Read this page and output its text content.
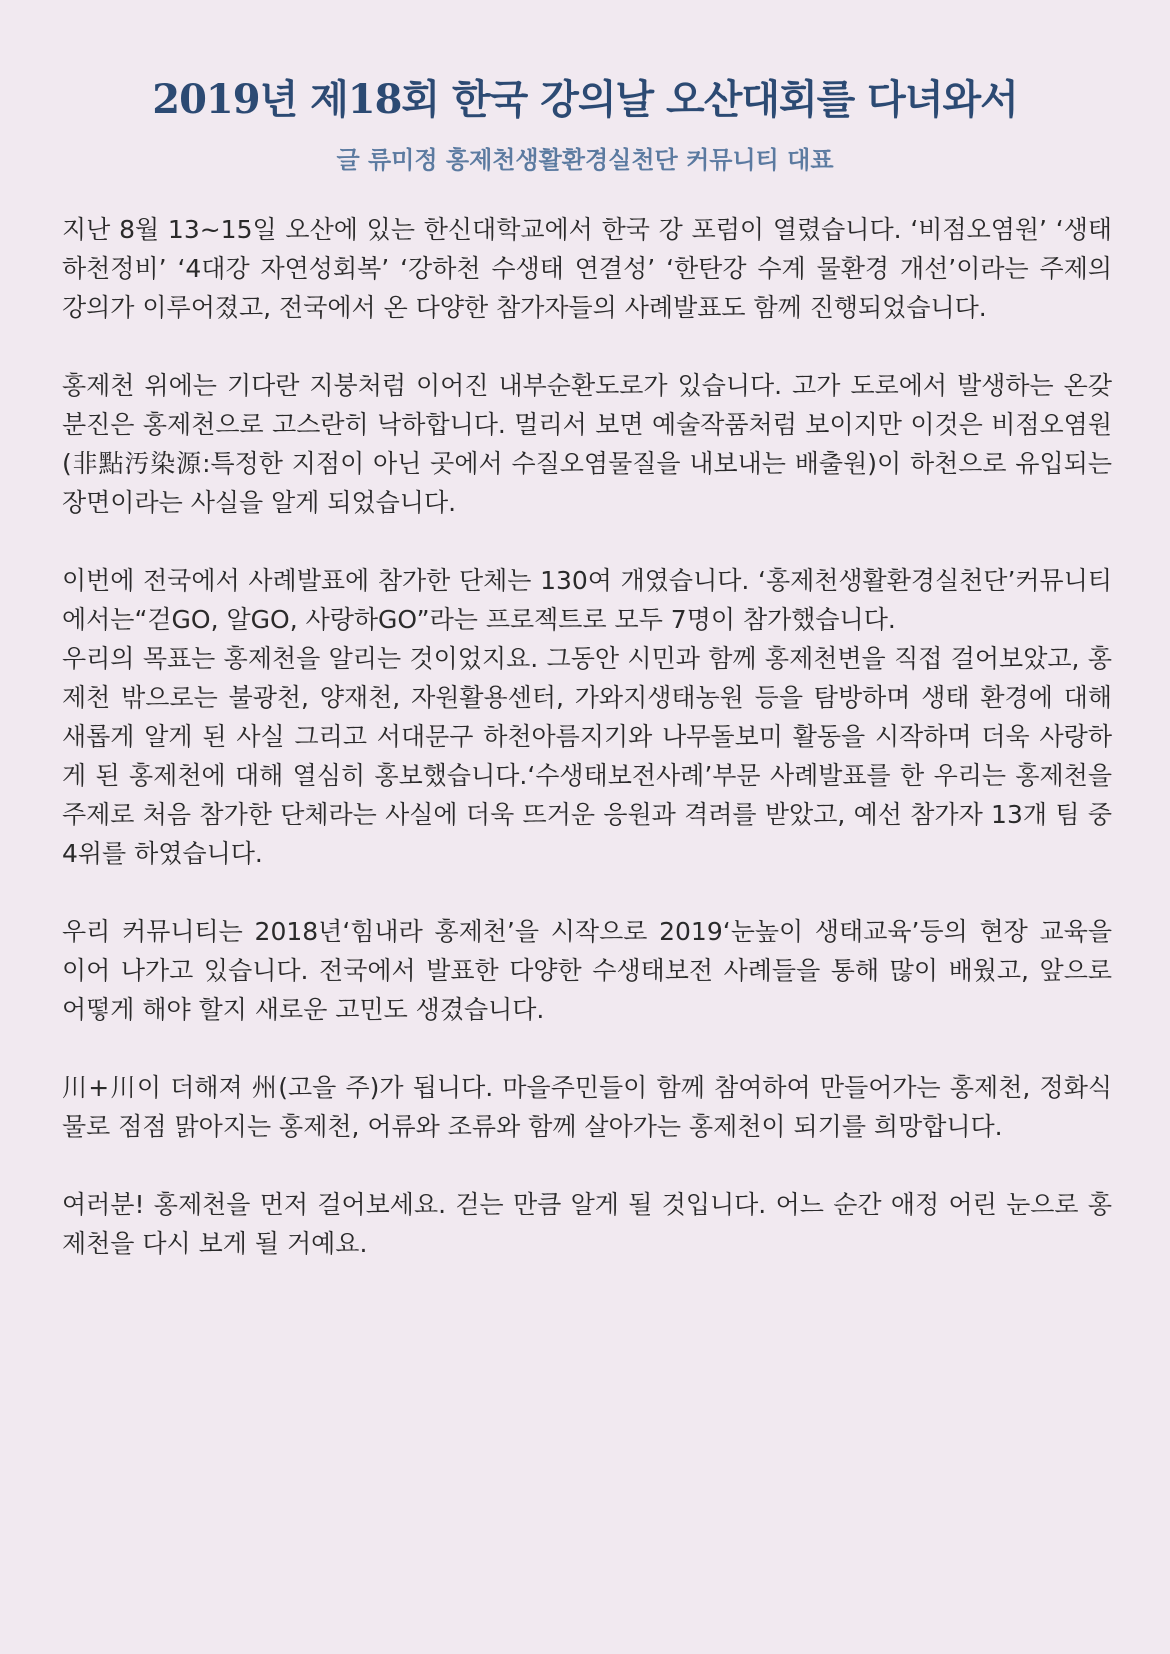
2019년 제18회 한국 강의날 오산대회를 다녀와서
글 류미정 홍제천생활환경실천단 커뮤니티 대표

지난 8월 13~15일 오산에 있는 한신대학교에서 한국 강 포럼이 열렸습니다. ‘비점오염원’ ‘생태하천정비’ ‘4대강 자연성회복’ ‘강하천 수생태 연결성’ ‘한탄강 수계 물환경 개선’이라는 주제의 강의가 이루어졌고, 전국에서 온 다양한 참가자들의 사례발표도 함께 진행되었습니다.

홍제천 위에는 기다란 지붕처럼 이어진 내부순환도로가 있습니다. 고가 도로에서 발생하는 온갖 분진은 홍제천으로 고스란히 낙하합니다. 멀리서 보면 예술작품처럼 보이지만 이것은 비점오염원(非點汚染源:특정한 지점이 아닌 곳에서 수질오염물질을 내보내는 배출원)이 하천으로 유입되는 장면이라는 사실을 알게 되었습니다.

이번에 전국에서 사례발표에 참가한 단체는 130여 개였습니다. ‘홍제천생활환경실천단’커뮤니티에서는“걷GO, 알GO, 사랑하GO”라는 프로젝트로 모두 7명이 참가했습니다.

우리의 목표는 홍제천을 알리는 것이었지요. 그동안 시민과 함께 홍제천변을 직접 걸어보았고, 홍제천 밖으로는 불광천, 양재천, 자원활용센터, 가와지생태농원 등을 탐방하며 생태 환경에 대해 새롭게 알게 된 사실 그리고 서대문구 하천아름지기와 나무돌보미 활동을 시작하며 더욱 사랑하게 된 홍제천에 대해 열심히 홍보했습니다.‘수생태보전사례’부문 사례발표를 한 우리는 홍제천을 주제로 처음 참가한 단체라는 사실에 더욱 뜨거운 응원과 격려를 받았고, 예선 참가자 13개 팀 중 4위를 하였습니다.

우리 커뮤니티는 2018년‘힘내라 홍제천’을 시작으로 2019‘눈높이 생태교육’등의 현장 교육을 이어 나가고 있습니다. 전국에서 발표한 다양한 수생태보전 사례들을 통해 많이 배웠고, 앞으로 어떻게 해야 할지 새로운 고민도 생겼습니다.

川+川이 더해져 州(고을 주)가 됩니다. 마을주민들이 함께 참여하여 만들어가는 홍제천, 정화식물로 점점 맑아지는 홍제천, 어류와 조류와 함께 살아가는 홍제천이 되기를 희망합니다.

여러분! 홍제천을 먼저 걸어보세요. 걷는 만큼 알게 될 것입니다. 어느 순간 애정 어린 눈으로 홍제천을 다시 보게 될 거예요.
